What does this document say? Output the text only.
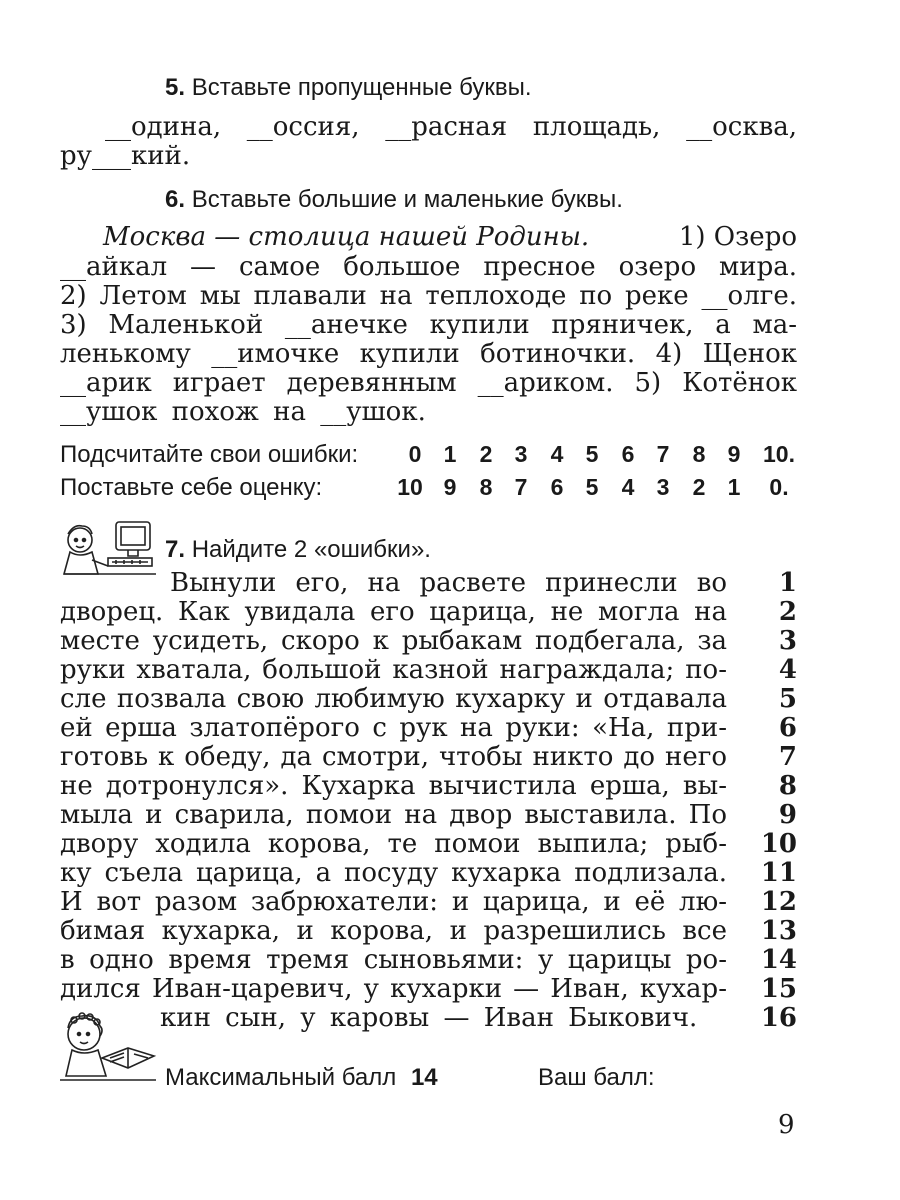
5. Вставьте пропущенные буквы.
__одина, __оссия, __расная площадь, __осква,
ру___кий.
6. Вставьте большие и маленькие буквы.
Москва — столица нашей Родины.	1) Озеро
__айкал — самое большое пресное озеро мира.
2) Летом мы плавали на теплоходе по реке __олге.
3) Маленькой __анечке купили пряничек, а ма-
ленькому __имочке купили ботиночки. 4) Щенок
__арик играет деревянным __ариком. 5) Котёнок
__ушок похож на __ушок.
Подсчитайте свои ошибки: 0 1 2 3 4 5 6 7 8 9 10.
Поставьте себе оценку:	10 9 8 7 6 5 4 3 2 1 0.
7. Найдите 2 «ошибки».
Вынули его, на расвете принесли во	1
дворец. Как увидала его царица, не могла на	2
месте усидеть, скоро к рыбакам подбегала, за	3
руки хватала, большой казной награждала; по-	4
сле позвала свою любимую кухарку и отдавала	5
ей ерша златопёрого с рук на руки: «На, при-	6
готовь к обеду, да смотри, чтобы никто до него	7
не дотронулся». Кухарка вычистила ерша, вы-	8
мыла и сварила, помои на двор выставила. По	9
двору ходила корова, те помои выпила; рыб-	10
ку съела царица, а посуду кухарка подлизала.	11
И вот разом забрюхатели: и царица, и её лю-	12
бимая кухарка, и корова, и разрешились все	13
в одно время тремя сыновьями: у царицы ро-	14
дился Иван-царевич, у кухарки — Иван, кухар-	15
кин сын, у каровы — Иван Быкович.	16
Максимальный балл 14	Ваш балл:
9
